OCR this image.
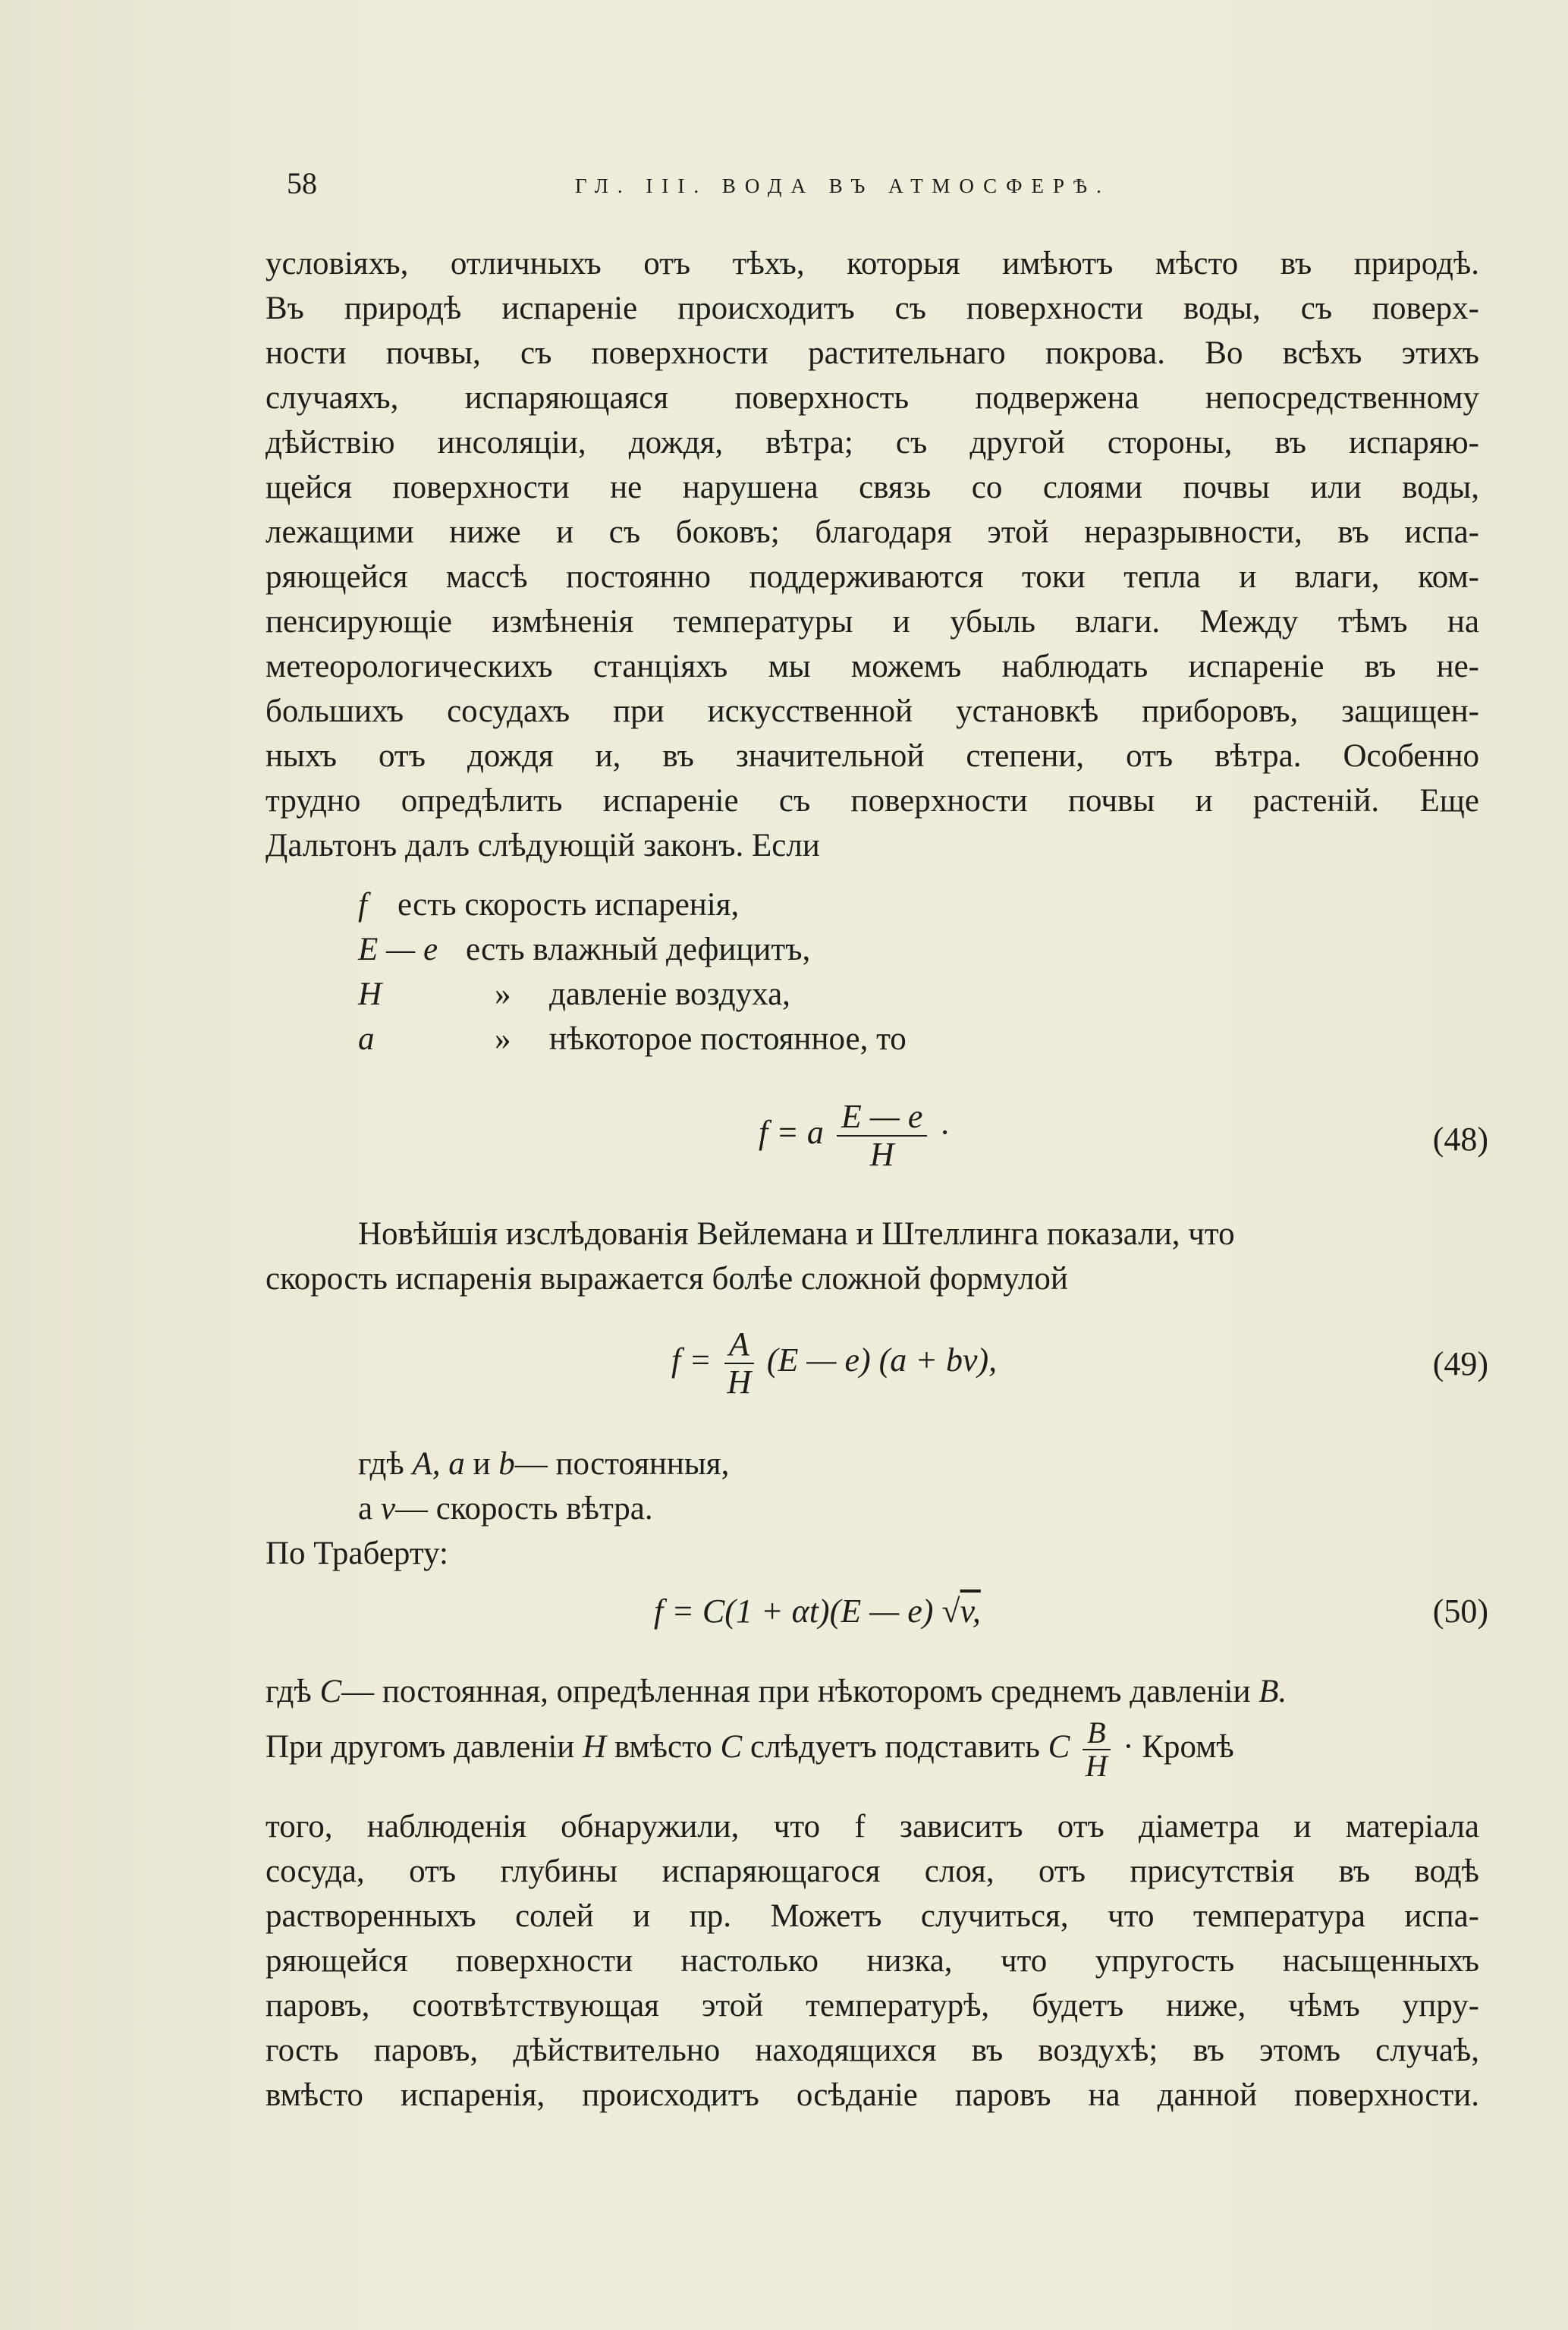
58	ГЛ. III. ВОДА ВЪ АТМОСФЕРѢ.
условіяхъ, отличныхъ отъ тѣхъ, которыя имѣютъ мѣсто въ природѣ.
Въ природѣ испареніе происходитъ съ поверхности воды, съ поверх-
ности почвы, съ поверхности растительнаго покрова. Во всѣхъ этихъ
случаяхъ, испаряющаяся поверхность подвержена непосредственному
дѣйствію инсоляціи, дождя, вѣтра; съ другой стороны, въ испаряю-
щейся поверхности не нарушена связь со слоями почвы или воды,
лежащими ниже и съ боковъ; благодаря этой неразрывности, въ испа-
ряющейся массѣ постоянно поддерживаются токи тепла и влаги, ком-
пенсирующіе измѣненія температуры и убыль влаги. Между тѣмъ на
метеорологическихъ станціяхъ мы можемъ наблюдать испареніе въ не-
большихъ сосудахъ при искусственной установкѣ приборовъ, защищен-
ныхъ отъ дождя и, въ значительной степени, отъ вѣтра. Особенно
трудно опредѣлить испареніе съ поверхности почвы и растеній. Еще
Дальтонъ далъ слѣдующій законъ. Если
f есть скорость испаренія,
E — e есть влажный дефицитъ,
H	» давленіе воздуха,
a	» нѣкоторое постоянное, то
f = a $\frac{E — e}{H}$ ·	(48)
Новѣйшія изслѣдованія Вейлемана и Штеллинга показали, что
скорость испаренія выражается болѣе сложной формулой
$f = \frac{A}{H} (E$ — e) (a + bv),	(49)
гдѣ A, a и b— постоянныя,
а v— скорость вѣтра.
По Траберту:
f = C(1 + αt)(E — e) √v,	(50)
гдѣ C— постоянная, опредѣленная при нѣкоторомъ среднемъ давленіи B.
При другомъ давленіи H вмѣсто C слѣдуетъ подставить C $\frac{B}{H}$ · Кромѣ
того, наблюденія обнаружили, что f зависитъ отъ діаметра и матеріала
сосуда, отъ глубины испаряющагося слоя, отъ присутствія въ водѣ
растворенныхъ солей и пр. Можетъ случиться, что температура испа-
ряющейся поверхности настолько низка, что упругость насыщенныхъ
паровъ, соотвѣтствующая этой температурѣ, будетъ ниже, чѣмъ упру-
гость паровъ, дѣйствительно находящихся въ воздухѣ; въ этомъ случаѣ,
вмѣсто испаренія, происходитъ осѣданіе паровъ на данной поверхности.
